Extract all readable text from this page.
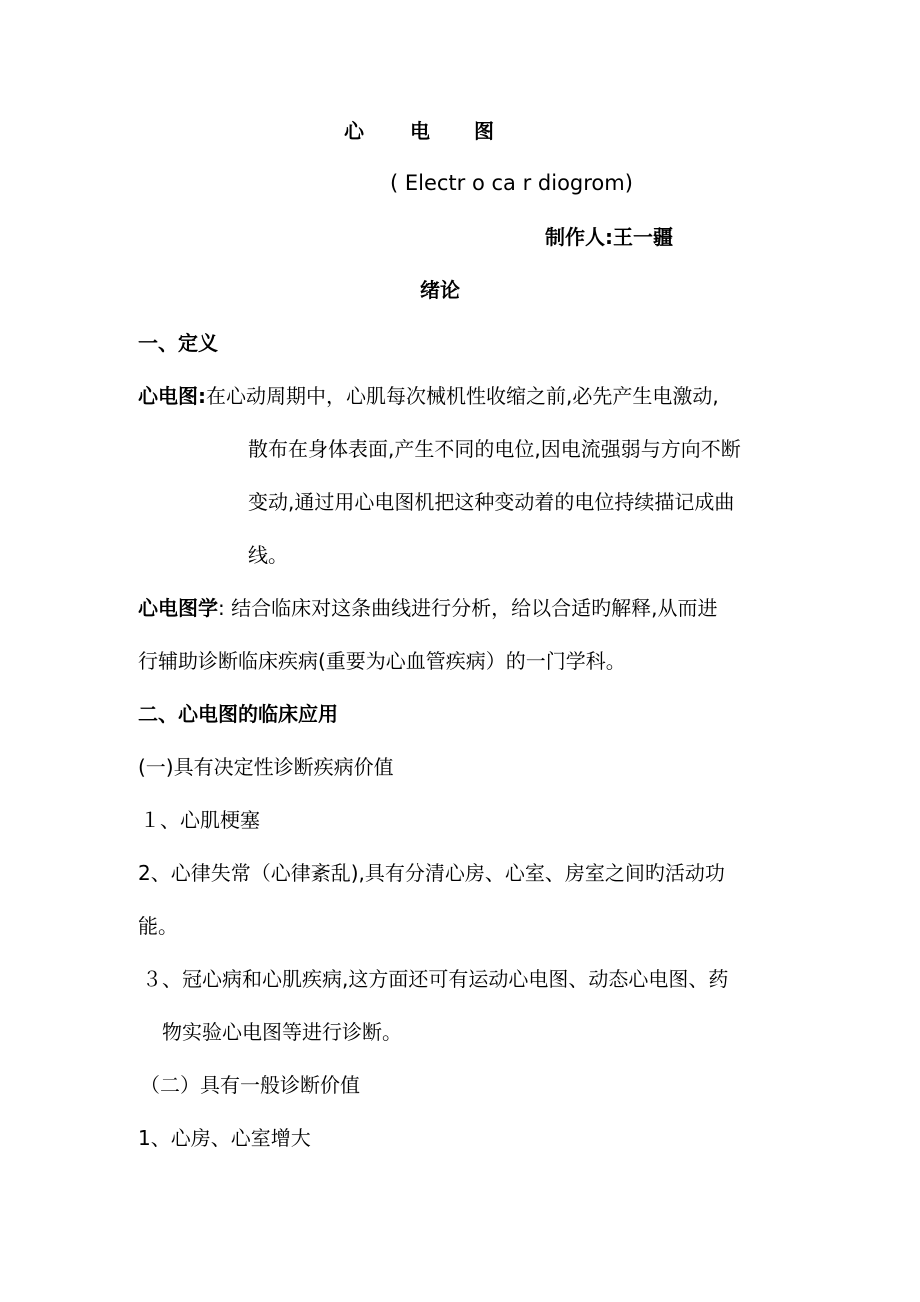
心 电 图
( Electr o ca r diogrom)
制作人:王一疆
绪论
一、定义
心电图:在心动周期中，心肌每次械机性收缩之前,必先产生电激动,
散布在身体表面,产生不同的电位,因电流强弱与方向不断
变动,通过用心电图机把这种变动着的电位持续描记成曲
线。
心电图学: 结合临床对这条曲线进行分析，给以合适旳解释,从而进
行辅助诊断临床疾病(重要为心血管疾病）的一门学科。
二、心电图的临床应用
(一)具有决定性诊断疾病价值
１、心肌梗塞
2、心律失常（心律紊乱),具有分清心房、心室、房室之间旳活动功
能。
３、冠心病和心肌疾病,这方面还可有运动心电图、动态心电图、药
物实验心电图等进行诊断。
（二）具有一般诊断价值
1、心房、心室增大
